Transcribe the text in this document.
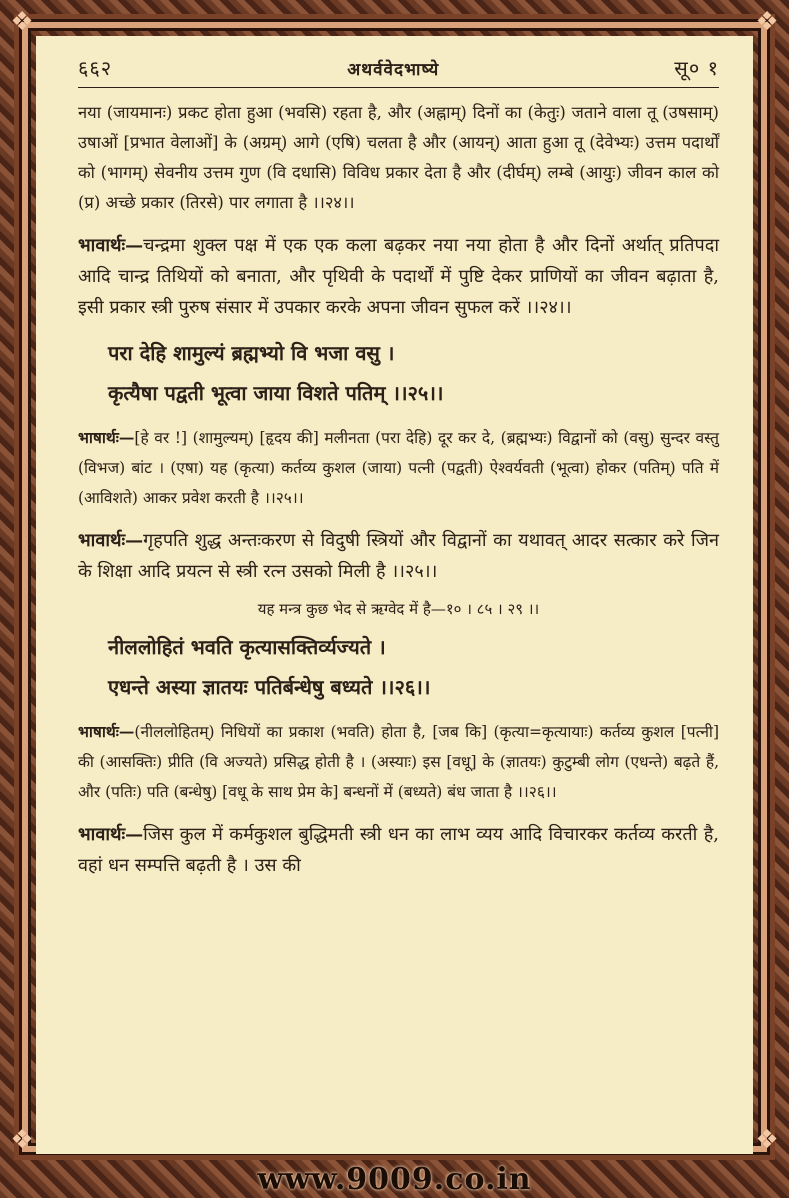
❖	❖
❖	❖
६६२	अथर्ववेदभाष्ये	सू० १

नया (जायमानः) प्रकट होता हुआ (भवसि) रहता है, और (अह्नाम्) दिनों का (केतुः) जताने वाला तू (उषसाम्) उषाओं [प्रभात वेलाओं] के (अग्रम्) आगे (एषि) चलता है और (आयन्) आता हुआ तू (देवेभ्यः) उत्तम पदार्थों को (भागम्) सेवनीय उत्तम गुण (वि दधासि) विविध प्रकार देता है और (दीर्घम्) लम्बे (आयुः) जीवन काल को (प्र) अच्छे प्रकार (तिरसे) पार लगाता है ।।२४।।

भावार्थः—चन्द्रमा शुक्ल पक्ष में एक एक कला बढ़कर नया नया होता है और दिनों अर्थात् प्रतिपदा आदि चान्द्र तिथियों को बनाता, और पृथिवी के पदार्थों में पुष्टि देकर प्राणियों का जीवन बढ़ाता है, इसी प्रकार स्त्री पुरुष संसार में उपकार करके अपना जीवन सुफल करें ।।२४।।

परा देहि शामुल्यं ब्रह्मभ्यो वि भजा वसु ।
कृत्यैषा पद्वती भूत्वा जाया विशते पतिम् ।।२५।।

भाषार्थः—[हे वर !] (शामुल्यम्) [हृदय की] मलीनता (परा देहि) दूर कर दे, (ब्रह्मभ्यः) विद्वानों को (वसु) सुन्दर वस्तु (विभज) बांट । (एषा) यह (कृत्या) कर्तव्य कुशल (जाया) पत्नी (पद्वती) ऐश्वर्यवती (भूत्वा) होकर (पतिम्) पति में (आविशते) आकर प्रवेश करती है ।।२५।।

भावार्थः—गृहपति शुद्ध अन्तःकरण से विदुषी स्त्रियों और विद्वानों का यथावत् आदर सत्कार करे जिन के शिक्षा आदि प्रयत्न से स्त्री रत्न उसको मिली है ।।२५।।

यह मन्त्र कुछ भेद से ऋग्वेद में है—१० । ८५ । २९ ।।
नीललोहितं भवति कृत्यासक्तिर्व्यज्यते ।
एधन्ते अस्या ज्ञातयः पतिर्बन्धेषु बध्यते ।।२६।।

भाषार्थः—(नीललोहितम्) निधियों का प्रकाश (भवति) होता है, [जब कि] (कृत्या=कृत्यायाः) कर्तव्य कुशल [पत्नी] की (आसक्तिः) प्रीति (वि अज्यते) प्रसिद्ध होती है । (अस्याः) इस [वधू] के (ज्ञातयः) कुटुम्बी लोग (एधन्ते) बढ़ते हैं, और (पतिः) पति (बन्धेषु) [वधू के साथ प्रेम के] बन्धनों में (बध्यते) बंध जाता है ।।२६।।

भावार्थः—जिस कुल में कर्मकुशल बुद्धिमती स्त्री धन का लाभ व्यय आदि विचारकर कर्तव्य करती है, वहां धन सम्पत्ति बढ़ती है । उस की

www.9009.co.in
